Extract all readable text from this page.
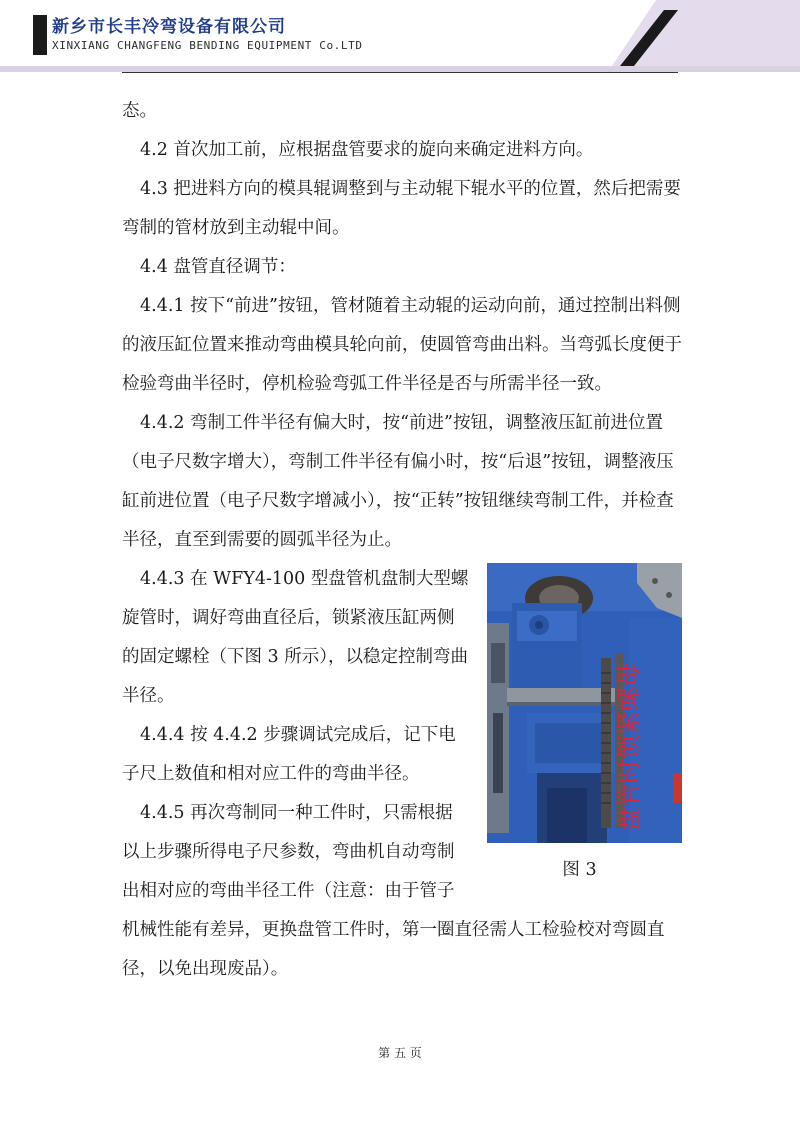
新乡市长丰冷弯设备有限公司
XINXIANG CHANGFENG BENDING EQUIPMENT Co.LTD

态。

4.2 首次加工前，应根据盘管要求的旋向来确定进料方向。

4.3 把进料方向的模具辊调整到与主动辊下辊水平的位置，然后把需要弯制的管材放到主动辊中间。

4.4 盘管直径调节：

4.4.1 按下“前进”按钮，管材随着主动辊的运动向前，通过控制出料侧的液压缸位置来推动弯曲模具轮向前，使圆管弯曲出料。当弯弧长度便于检验弯曲半径时，停机检验弯弧工件半径是否与所需半径一致。

4.4.2 弯制工件半径有偏大时，按“前进”按钮，调整液压缸前进位置（电子尺数字增大），弯制工件半径有偏小时，按“后退”按钮，调整液压缸前进位置（电子尺数字增减小），按“正转”按钮继续弯制工件，并检查半径，直至到需要的圆弧半径为止。

盘管时锁紧螺母
图 3

4.4.3 在 WFY4-100 型盘管机盘制大型螺旋管时，调好弯曲直径后，锁紧液压缸两侧的固定螺栓（下图 3 所示），以稳定控制弯曲半径。

4.4.4 按 4.4.2 步骤调试完成后，记下电子尺上数值和相对应工件的弯曲半径。

4.4.5 再次弯制同一种工件时，只需根据以上步骤所得电子尺参数，弯曲机自动弯制出相对应的弯曲半径工件（注意：由于管子机械性能有差异，更换盘管工件时，第一圈直径需人工检验校对弯圆直径，以免出现废品）。

第 五 页
